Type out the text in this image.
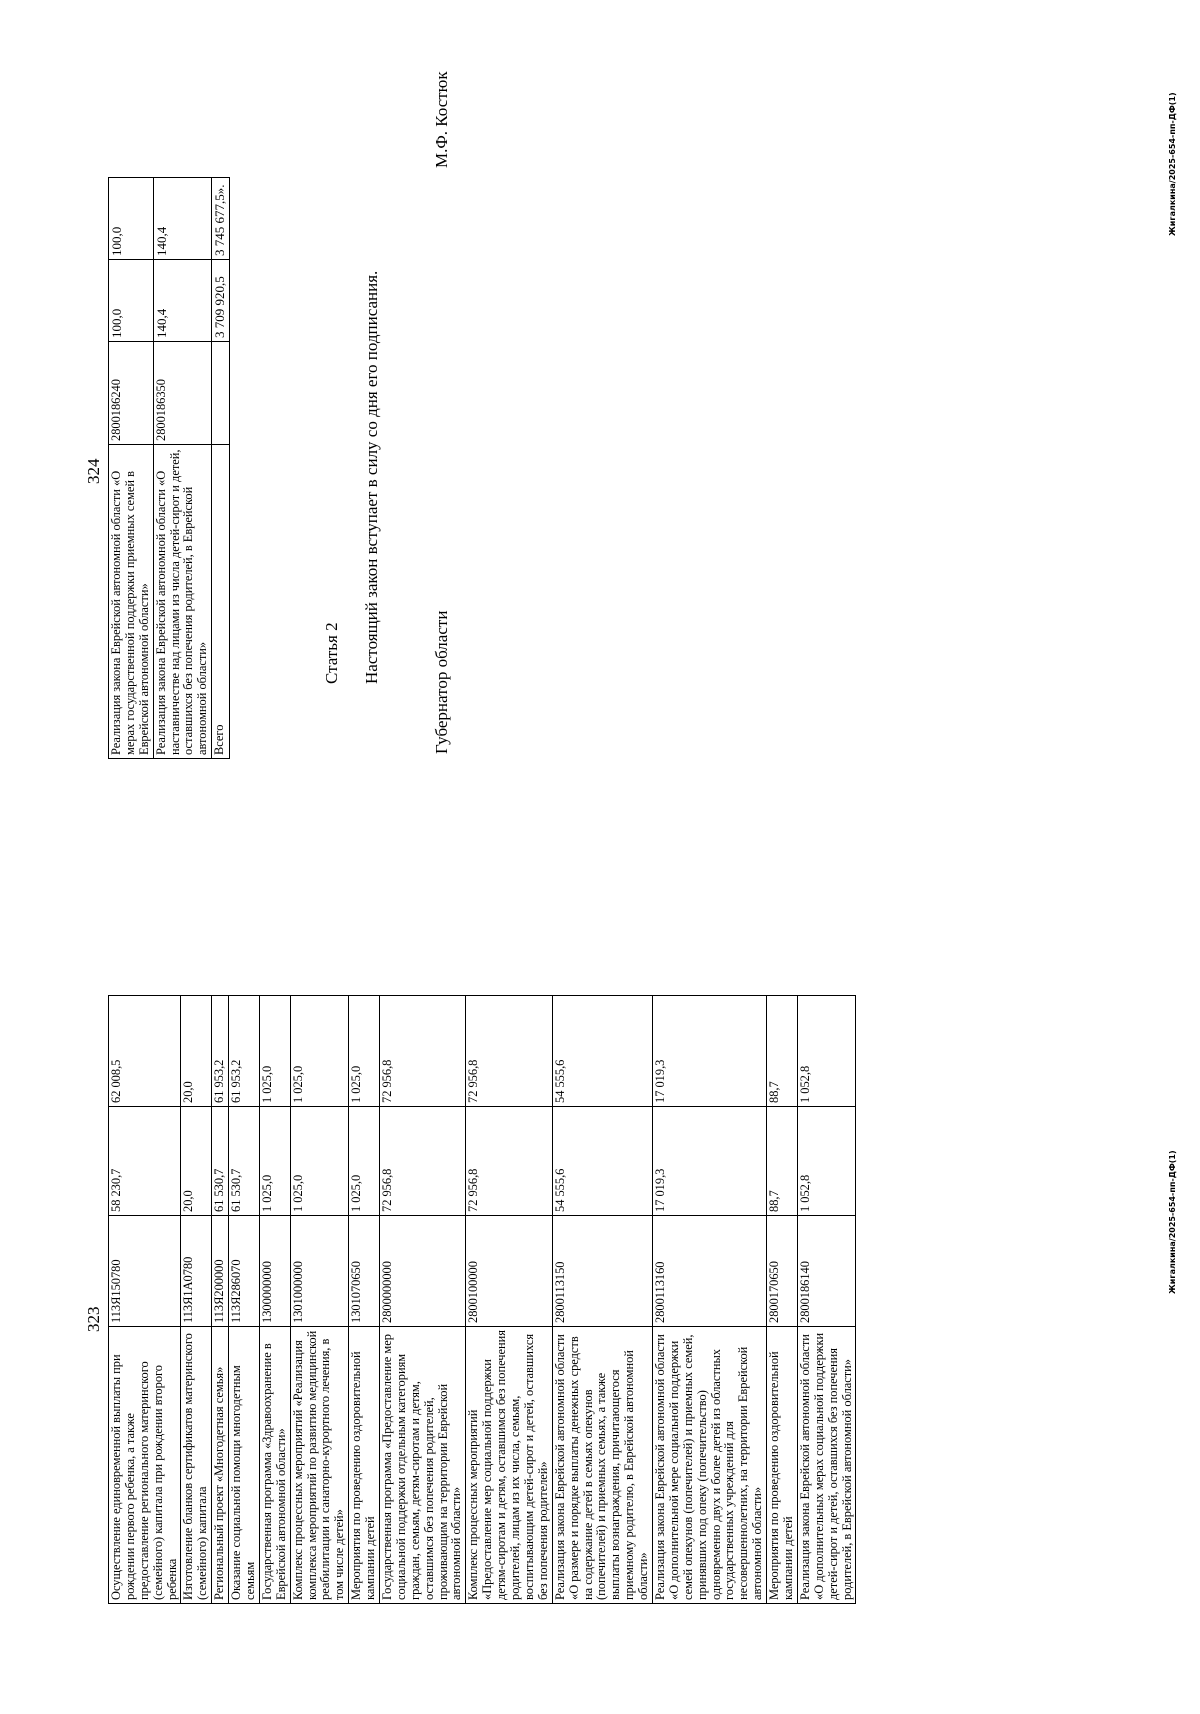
323
Осуществление единовременной выплаты при рождении первого ребенка, а также предоставление регионального материнского (семейного) капитала при рождении второго ребенка	113Я150780	58 230,7	62 008,5
Изготовление бланков сертификатов материнского (семейного) капитала	113Я1А0780	20,0	20,0
Региональный проект «Многодетная семья»	113Я200000	61 530,7	61 953,2
Оказание социальной помощи многодетным семьям	113Я286070	61 530,7	61 953,2
Государственная программа «Здравоохранение в Еврейской автономной области»	1300000000	1 025,0	1 025,0
Комплекс процессных мероприятий «Реализация комплекса мероприятий по развитию медицинской реабилитации и санаторно-курортного лечения, в том числе детей»	1301000000	1 025,0	1 025,0
Мероприятия по проведению оздоровительной кампании детей	1301070650	1 025,0	1 025,0
Государственная программа «Предоставление мер социальной поддержки отдельным категориям граждан, семьям, детям-сиротам и детям, оставшимся без попечения родителей, проживающим на территории Еврейской автономной области»	2800000000	72 956,8	72 956,8
Комплекс процессных мероприятий «Предоставление мер социальной поддержки детям-сиротам и детям, оставшимся без попечения родителей, лицам из их числа, семьям, воспитывающим детей-сирот и детей, оставшихся без попечения родителей»	2800100000	72 956,8	72 956,8
Реализация закона Еврейской автономной области «О размере и порядке выплаты денежных средств на содержание детей в семьях опекунов (попечителей) и приемных семьях, а также выплаты вознаграждения, причитающегося приемному родителю, в Еврейской автономной области»	2800113150	54 555,6	54 555,6
Реализация закона Еврейской автономной области «О дополнительной мере социальной поддержки семей опекунов (попечителей) и приемных семей, принявших под опеку (попечительство) одновременно двух и более детей из областных государственных учреждений для несовершеннолетних, на территории Еврейской автономной области»	2800113160	17 019,3	17 019,3
Мероприятия по проведению оздоровительной кампании детей	2800170650	88,7	88,7
Реализация закона Еврейской автономной области «О дополнительных мерах социальной поддержки детей-сирот и детей, оставшихся без попечения родителей, в Еврейской автономной области»	2800186140	1 052,8	1 052,8
Жигалкина/2025-654-пп-ДФ(1)
324 Реализация закона Еврейской автономной области «О мерах государственной поддержки приемных семей в Еврейской автономной области»	2800186240	100,0	100,0
Реализация закона Еврейской автономной области «О наставничестве над лицами из числа детей-сирот и детей, оставшихся без попечения родителей, в Еврейской автономной области»	2800186350	140,4	140,4
Всего		3 709 920,5	3 745 677,5».
Статья 2 Настоящий закон вступает в силу со дня его подписания.	Губернатор области
М.Ф. Костюк	Жигалкина/2025-654-пп-ДФ(1)
